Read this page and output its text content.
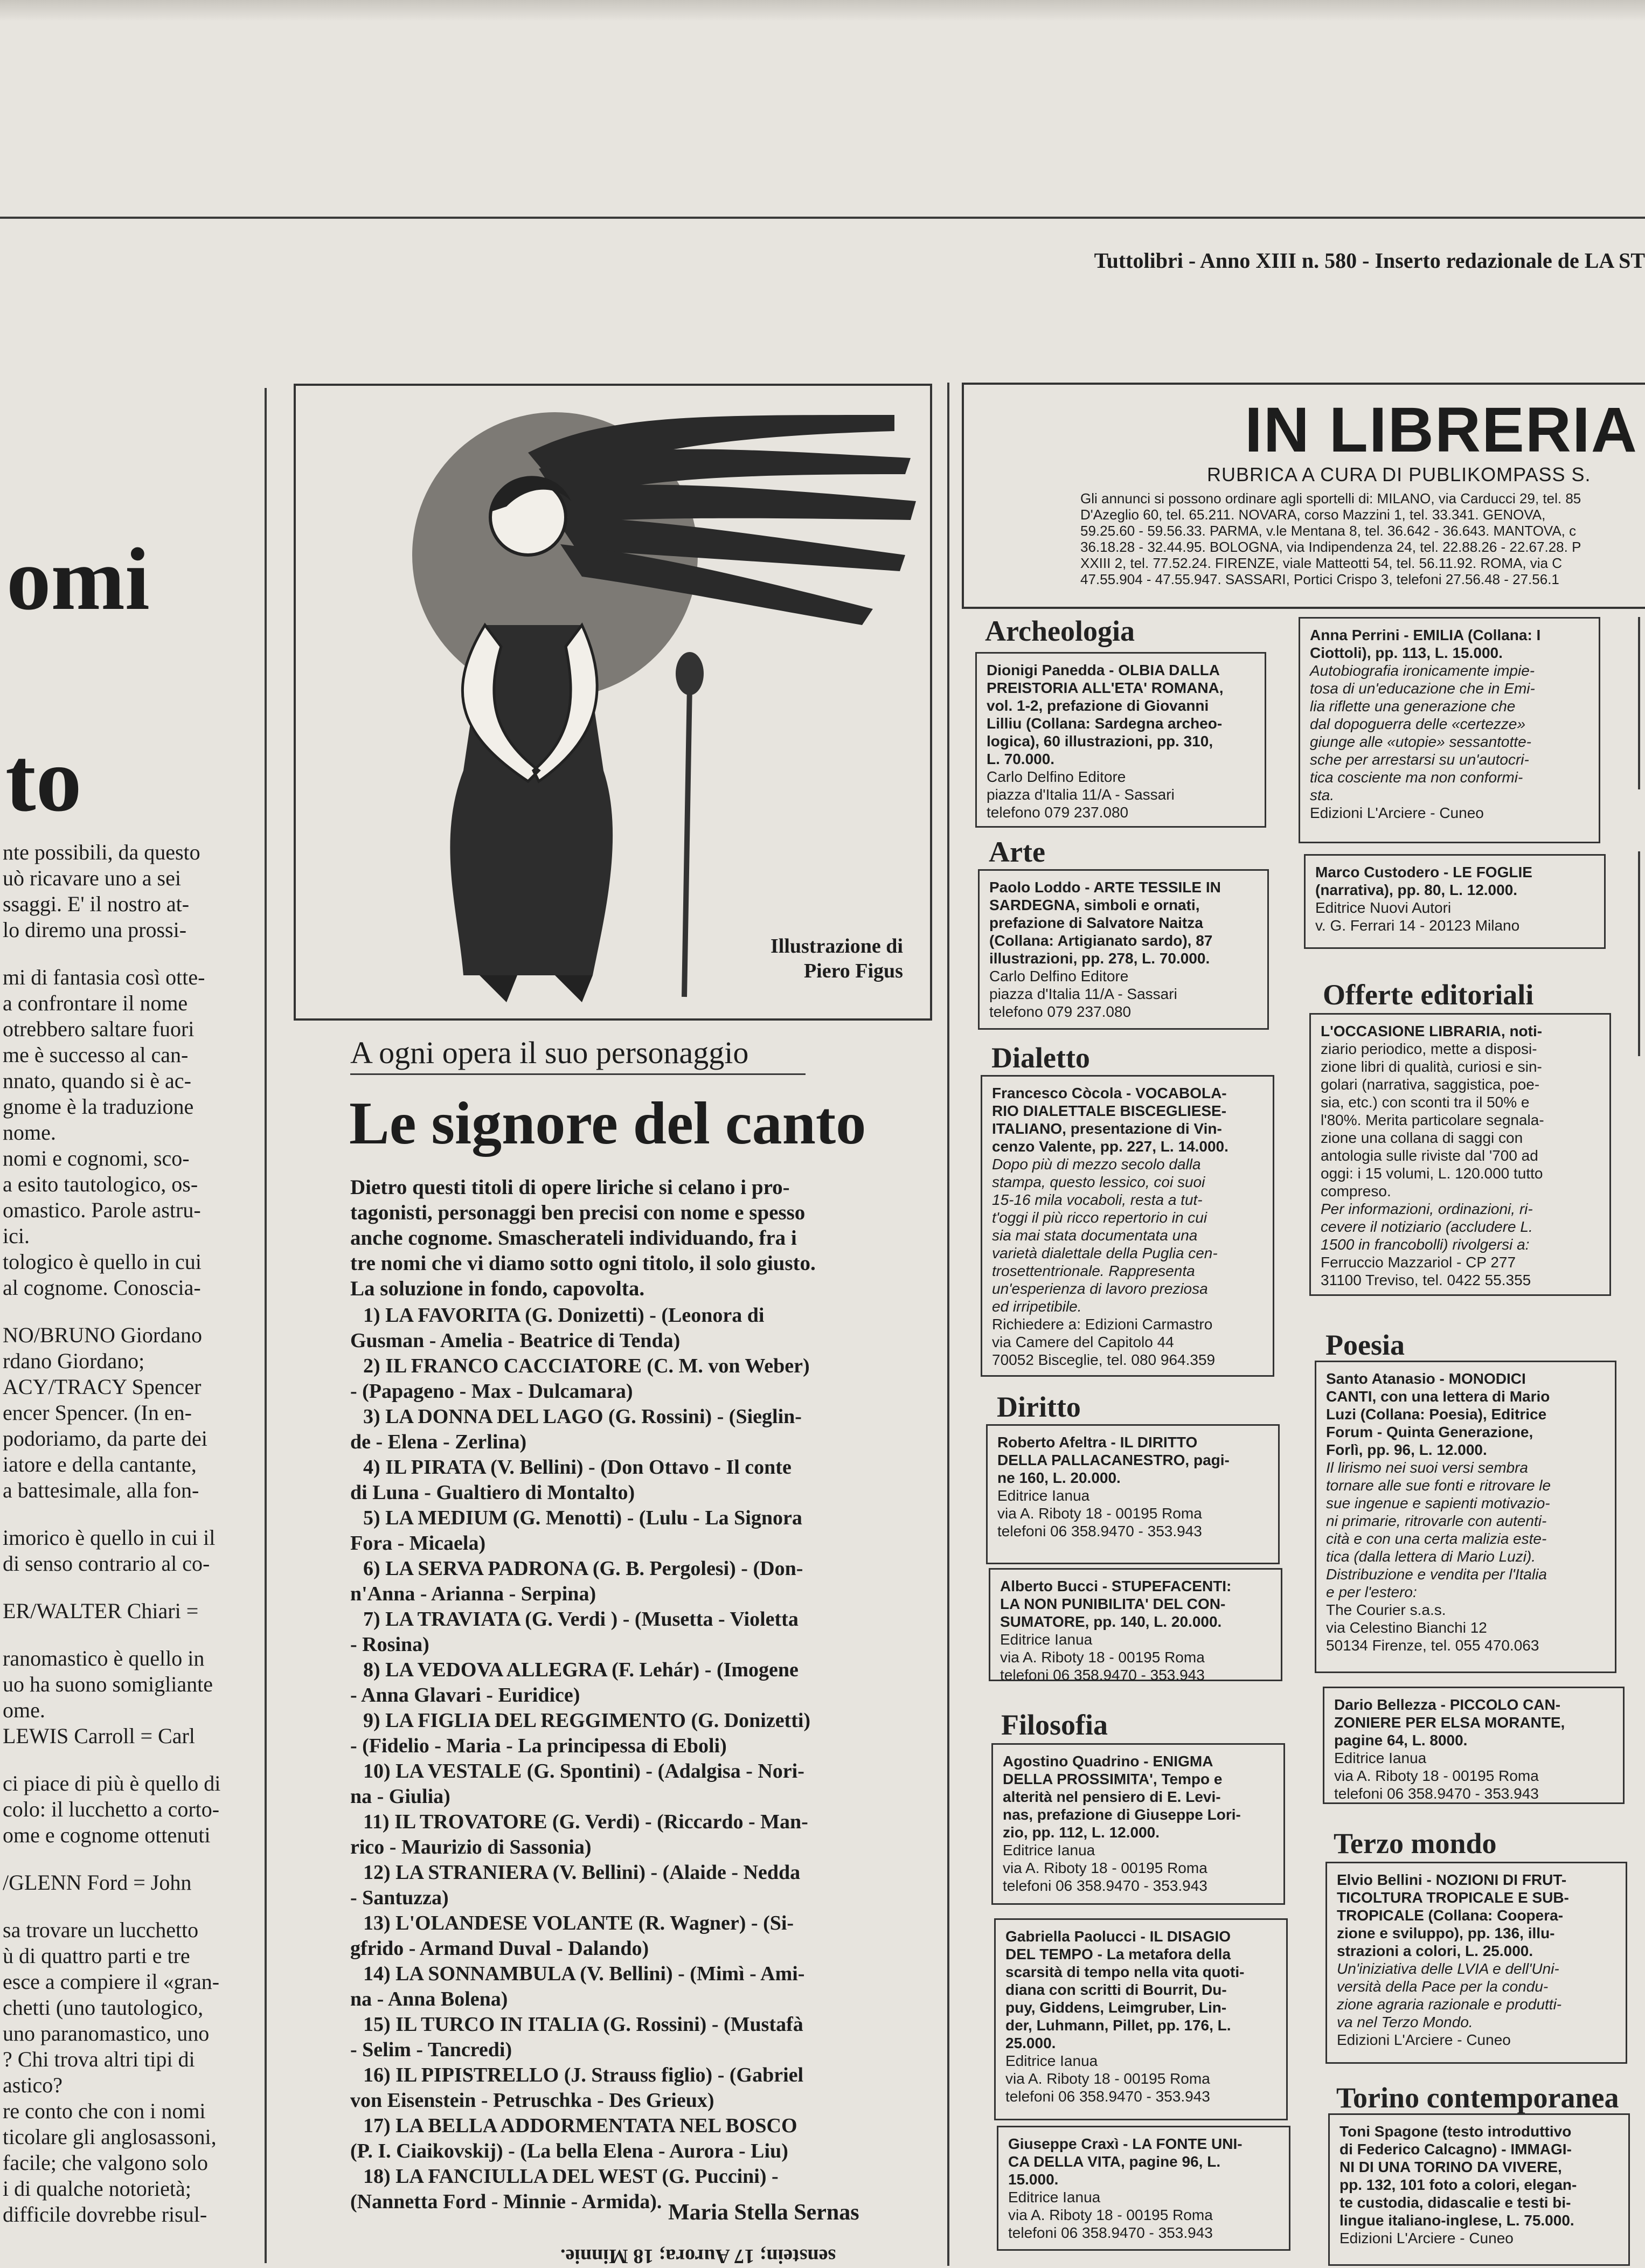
Tuttolibri - Anno XIII n. 580 - Inserto redazionale de LA ST
omi
to

nte possibili, da questo

uò ricavare uno a sei

ssaggi. E' il nostro at-

lo diremo una prossi-

mi di fantasia così otte-

a confrontare il nome

otrebbero saltare fuori

me è successo al can-

nnato, quando si è ac-

gnome è la traduzione

nome.

nomi e cognomi, sco-

a esito tautologico, os-

omastico. Parole astru-

ici.

tologico è quello in cui

al cognome. Conoscia-

NO/BRUNO Giordano

rdano Giordano;

ACY/TRACY Spencer

encer Spencer. (In en-

podoriamo, da parte dei

iatore e della cantante,

a battesimale, alla fon-

imorico è quello in cui il

di senso contrario al co-

ER/WALTER Chiari =

ranomastico è quello in

uo ha suono somigliante

ome.

LEWIS Carroll = Carl

ci piace di più è quello di

colo: il lucchetto a corto-

ome e cognome ottenuti

/GLENN Ford = John

sa trovare un lucchetto

ù di quattro parti e tre

esce a compiere il «gran-

chetti (uno tautologico,

uno paranomastico, uno

? Chi trova altri tipi di

astico?

re conto che con i nomi

ticolare gli anglosassoni,

facile; che valgono solo

i di qualche notorietà;

difficile dovrebbe risul-

Illustrazione di
Piero Figus
A ogni opera il suo personaggio
Le signore del canto
Dietro questi titoli di opere liriche si celano i pro-
tagonisti, personaggi ben precisi con nome e spesso
anche cognome. Smascherateli individuando, fra i
tre nomi che vi diamo sotto ogni titolo, il solo giusto.
La soluzione in fondo, capovolta.
1) LA FAVORITA (G. Donizetti) - (Leonora di
Gusman - Amelia - Beatrice di Tenda)
2) IL FRANCO CACCIATORE (C. M. von Weber)
- (Papageno - Max - Dulcamara)
3) LA DONNA DEL LAGO (G. Rossini) - (Sieglin-
de - Elena - Zerlina)
4) IL PIRATA (V. Bellini) - (Don Ottavo - Il conte
di Luna - Gualtiero di Montalto)
5) LA MEDIUM (G. Menotti) - (Lulu - La Signora
Fora - Micaela)
6) LA SERVA PADRONA (G. B. Pergolesi) - (Don-
n'Anna - Arianna - Serpina)
7) LA TRAVIATA (G. Verdi ) - (Musetta - Violetta
- Rosina)
8) LA VEDOVA ALLEGRA (F. Lehár) - (Imogene
- Anna Glavari - Euridice)
9) LA FIGLIA DEL REGGIMENTO (G. Donizetti)
- (Fidelio - Maria - La principessa di Eboli)
10) LA VESTALE (G. Spontini) - (Adalgisa - Nori-
na - Giulia)
11) IL TROVATORE (G. Verdi) - (Riccardo - Man-
rico - Maurizio di Sassonia)
12) LA STRANIERA (V. Bellini) - (Alaide - Nedda
- Santuzza)
13) L'OLANDESE VOLANTE (R. Wagner) - (Si-
gfrido - Armand Duval - Dalando)
14) LA SONNAMBULA (V. Bellini) - (Mimì - Ami-
na - Anna Bolena)
15) IL TURCO IN ITALIA (G. Rossini) - (Mustafà
- Selim - Tancredi)
16) IL PIPISTRELLO (J. Strauss figlio) - (Gabriel
von Eisenstein - Petruschka - Des Grieux)
17) LA BELLA ADDORMENTATA NEL BOSCO
(P. I. Ciaikovskij) - (La bella Elena - Aurora - Liu)
18) LA FANCIULLA DEL WEST (G. Puccini) -
(Nannetta Ford - Minnie - Armida). Maria Stella Sernas
senstein; 17 Aurora; 18 Minnie.
IN LIBRERIA
RUBRICA A CURA DI PUBLIKOMPASS S.
Gli annunci si possono ordinare agli sportelli di: MILANO, via Carducci 29, tel. 85
D'Azeglio 60, tel. 65.211. NOVARA, corso Mazzini 1, tel. 33.341. GENOVA,
59.25.60 - 59.56.33. PARMA, v.le Mentana 8, tel. 36.642 - 36.643. MANTOVA, c
36.18.28 - 32.44.95. BOLOGNA, via Indipendenza 24, tel. 22.88.26 - 22.67.28. P
XXIII 2, tel. 77.52.24. FIRENZE, viale Matteotti 54, tel. 56.11.92. ROMA, via C
47.55.904 - 47.55.947. SASSARI, Portici Crispo 3, telefoni 27.56.48 - 27.56.1
Archeologia
Arte
Dialetto
Diritto
Filosofia
Offerte editoriali
Poesia
Terzo mondo
Torino contemporanea
Dionigi Panedda - OLBIA DALLA
PREISTORIA ALL'ETA' ROMANA,
vol. 1-2, prefazione di Giovanni
Lilliu (Collana: Sardegna archeo-
logica), 60 illustrazioni, pp. 310,
L. 70.000.
Carlo Delfino Editore
piazza d'Italia 11/A - Sassari
telefono 079 237.080
Paolo Loddo - ARTE TESSILE IN
SARDEGNA, simboli e ornati,
prefazione di Salvatore Naitza
(Collana: Artigianato sardo), 87
illustrazioni, pp. 278, L. 70.000.
Carlo Delfino Editore
piazza d'Italia 11/A - Sassari
telefono 079 237.080
Francesco Còcola - VOCABOLA-
RIO DIALETTALE BISCEGLIESE-
ITALIANO, presentazione di Vin-
cenzo Valente, pp. 227, L. 14.000.
Dopo più di mezzo secolo dalla
stampa, questo lessico, coi suoi
15-16 mila vocaboli, resta a tut-
t'oggi il più ricco repertorio in cui
sia mai stata documentata una
varietà dialettale della Puglia cen-
trosettentrionale. Rappresenta
un'esperienza di lavoro preziosa
ed irripetibile.
Richiedere a: Edizioni Carmastro
via Camere del Capitolo 44
70052 Bisceglie, tel. 080 964.359
Roberto Afeltra - IL DIRITTO
DELLA PALLACANESTRO, pagi-
ne 160, L. 20.000.
Editrice Ianua
via A. Riboty 18 - 00195 Roma
telefoni 06 358.9470 - 353.943
Alberto Bucci - STUPEFACENTI:
LA NON PUNIBILITA' DEL CON-
SUMATORE, pp. 140, L. 20.000.
Editrice Ianua
via A. Riboty 18 - 00195 Roma
telefoni 06 358.9470 - 353.943
Agostino Quadrino - ENIGMA
DELLA PROSSIMITA', Tempo e
alterità nel pensiero di E. Levi-
nas, prefazione di Giuseppe Lori-
zio, pp. 112, L. 12.000.
Editrice Ianua
via A. Riboty 18 - 00195 Roma
telefoni 06 358.9470 - 353.943
Gabriella Paolucci - IL DISAGIO
DEL TEMPO - La metafora della
scarsità di tempo nella vita quoti-
diana con scritti di Bourrit, Du-
puy, Giddens, Leimgruber, Lin-
der, Luhmann, Pillet, pp. 176, L.
25.000.
Editrice Ianua
via A. Riboty 18 - 00195 Roma
telefoni 06 358.9470 - 353.943
Giuseppe Craxì - LA FONTE UNI-
CA DELLA VITA, pagine 96, L.
15.000.
Editrice Ianua
via A. Riboty 18 - 00195 Roma
telefoni 06 358.9470 - 353.943
Anna Perrini - EMILIA (Collana: I
Ciottoli), pp. 113, L. 15.000.
Autobiografia ironicamente impie-
tosa di un'educazione che in Emi-
lia riflette una generazione che
dal dopoguerra delle «certezze»
giunge alle «utopie» sessantotte-
sche per arrestarsi su un'autocri-
tica cosciente ma non conformi-
sta.
Edizioni L'Arciere - Cuneo
Marco Custodero - LE FOGLIE
(narrativa), pp. 80, L. 12.000.
Editrice Nuovi Autori
v. G. Ferrari 14 - 20123 Milano
L'OCCASIONE LIBRARIA, noti-
ziario periodico, mette a disposi-
zione libri di qualità, curiosi e sin-
golari (narrativa, saggistica, poe-
sia, etc.) con sconti tra il 50% e
l'80%. Merita particolare segnala-
zione una collana di saggi con
antologia sulle riviste dal '700 ad
oggi: i 15 volumi, L. 120.000 tutto
compreso.
Per informazioni, ordinazioni, ri-
cevere il notiziario (accludere L.
1500 in francobolli) rivolgersi a:
Ferruccio Mazzariol - CP 277
31100 Treviso, tel. 0422 55.355
Santo Atanasio - MONODICI
CANTI, con una lettera di Mario
Luzi (Collana: Poesia), Editrice
Forum - Quinta Generazione,
Forlì, pp. 96, L. 12.000.
Il lirismo nei suoi versi sembra
tornare alle sue fonti e ritrovare le
sue ingenue e sapienti motivazio-
ni primarie, ritrovarle con autenti-
cità e con una certa malizia este-
tica (dalla lettera di Mario Luzi).
Distribuzione e vendita per l'Italia
e per l'estero:
The Courier s.a.s.
via Celestino Bianchi 12
50134 Firenze, tel. 055 470.063
Dario Bellezza - PICCOLO CAN-
ZONIERE PER ELSA MORANTE,
pagine 64, L. 8000.
Editrice Ianua
via A. Riboty 18 - 00195 Roma
telefoni 06 358.9470 - 353.943
Elvio Bellini - NOZIONI DI FRUT-
TICOLTURA TROPICALE E SUB-
TROPICALE (Collana: Coopera-
zione e sviluppo), pp. 136, illu-
strazioni a colori, L. 25.000.
Un'iniziativa delle LVIA e dell'Uni-
versità della Pace per la condu-
zione agraria razionale e produtti-
va nel Terzo Mondo.
Edizioni L'Arciere - Cuneo
Toni Spagone (testo introduttivo
di Federico Calcagno) - IMMAGI-
NI DI UNA TORINO DA VIVERE,
pp. 132, 101 foto a colori, elegan-
te custodia, didascalie e testi bi-
lingue italiano-inglese, L. 75.000.
Edizioni L'Arciere - Cuneo
